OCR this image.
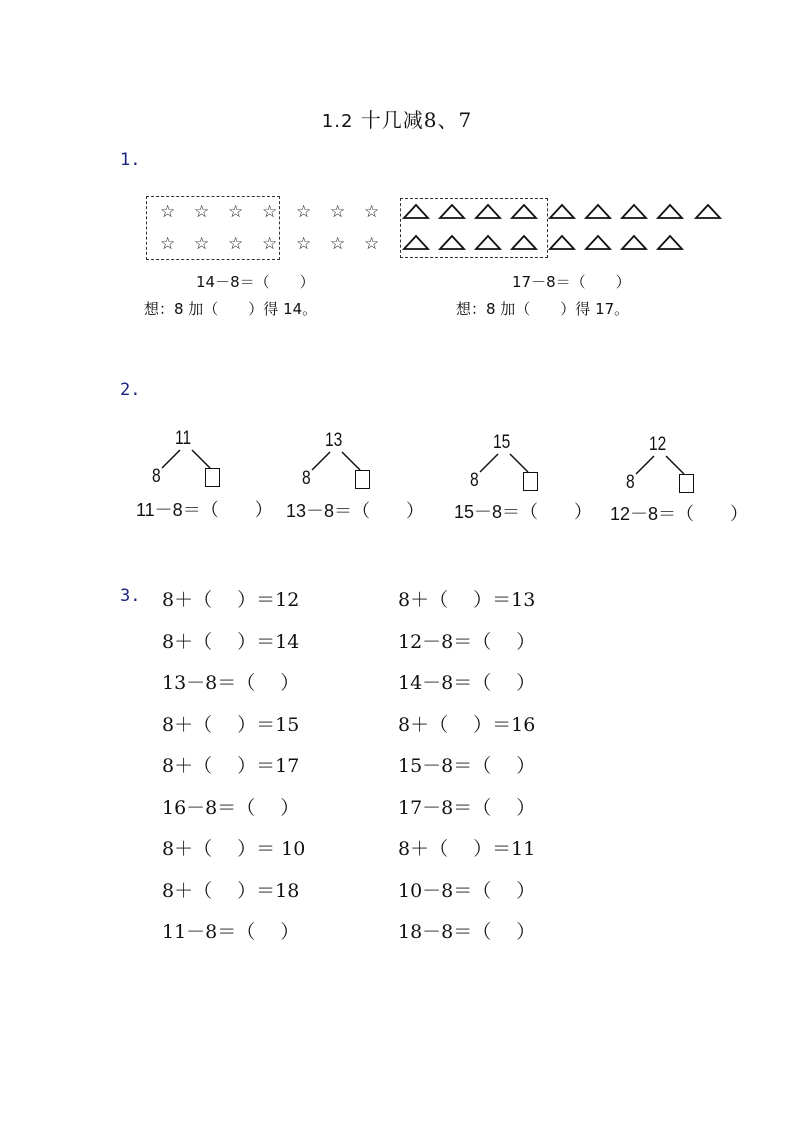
1.2 十几减8、7
1.
☆ ☆ ☆ ☆ ☆ ☆ ☆
☆ ☆ ☆ ☆ ☆ ☆ ☆
14－8＝（　　）
想：8 加（　　）得 14。
17－8＝（　　）
想：8 加（　　）得 17。
2.
11
8
11－8＝（　　）
13
8
13－8＝（　　）
15
8
15－8＝（　　）
12
8
12－8＝（　　）
3. 8＋（　 ）＝12
8＋（　 ）＝14
13－8＝（　 ）
8＋（　 ）＝15
8＋（　 ）＝17
16－8＝（　 ）
8＋（　 ）＝ 10
8＋（　 ）＝18
11－8＝（　 ）
8＋（　 ）＝13
12－8＝（　 ）
14－8＝（　 ）
8＋（　 ）＝16
15－8＝（　 ）
17－8＝（　 ）
8＋（　 ）＝11
10－8＝（　 ）
18－8＝（　 ）
